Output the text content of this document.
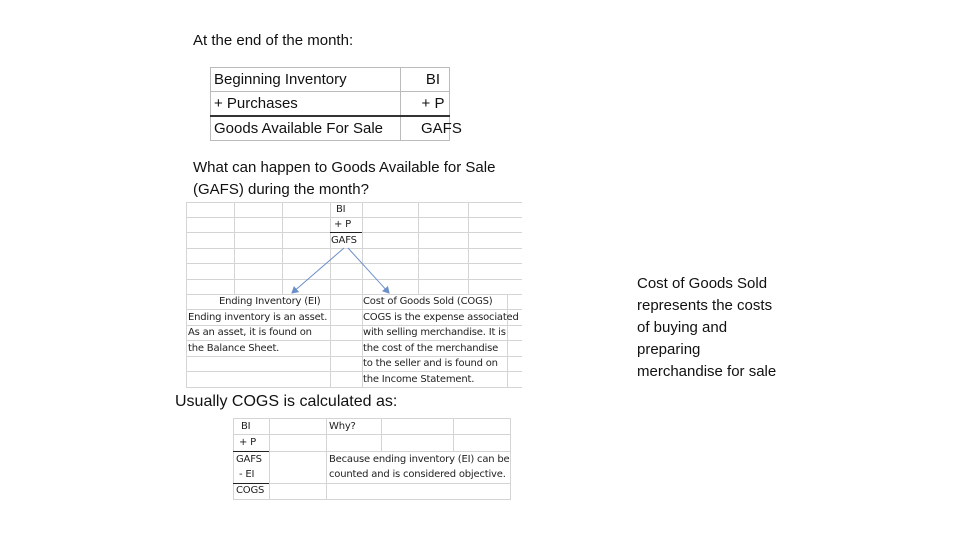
At the end of the month:
Beginning Inventory	BI
+ Purchases	+ P
Goods Available For Sale	GAFS
What can happen to Goods Available for Sale
(GAFS) during the month?
BI
+ P
GAFS
Ending Inventory (EI)
Ending inventory is an asset.
As an asset, it is found on
the Balance Sheet.
Cost of Goods Sold (COGS)
COGS is the expense associated
with selling merchandise. It is
the cost of the merchandise
to the seller and is found on
the Income Statement.
Cost of Goods Sold
represents the costs
of buying and
preparing
merchandise for sale
Usually COGS is calculated as:
BI
+ P
GAFS
- EI
COGS
Why?
Because ending inventory (EI) can be
counted and is considered objective.
